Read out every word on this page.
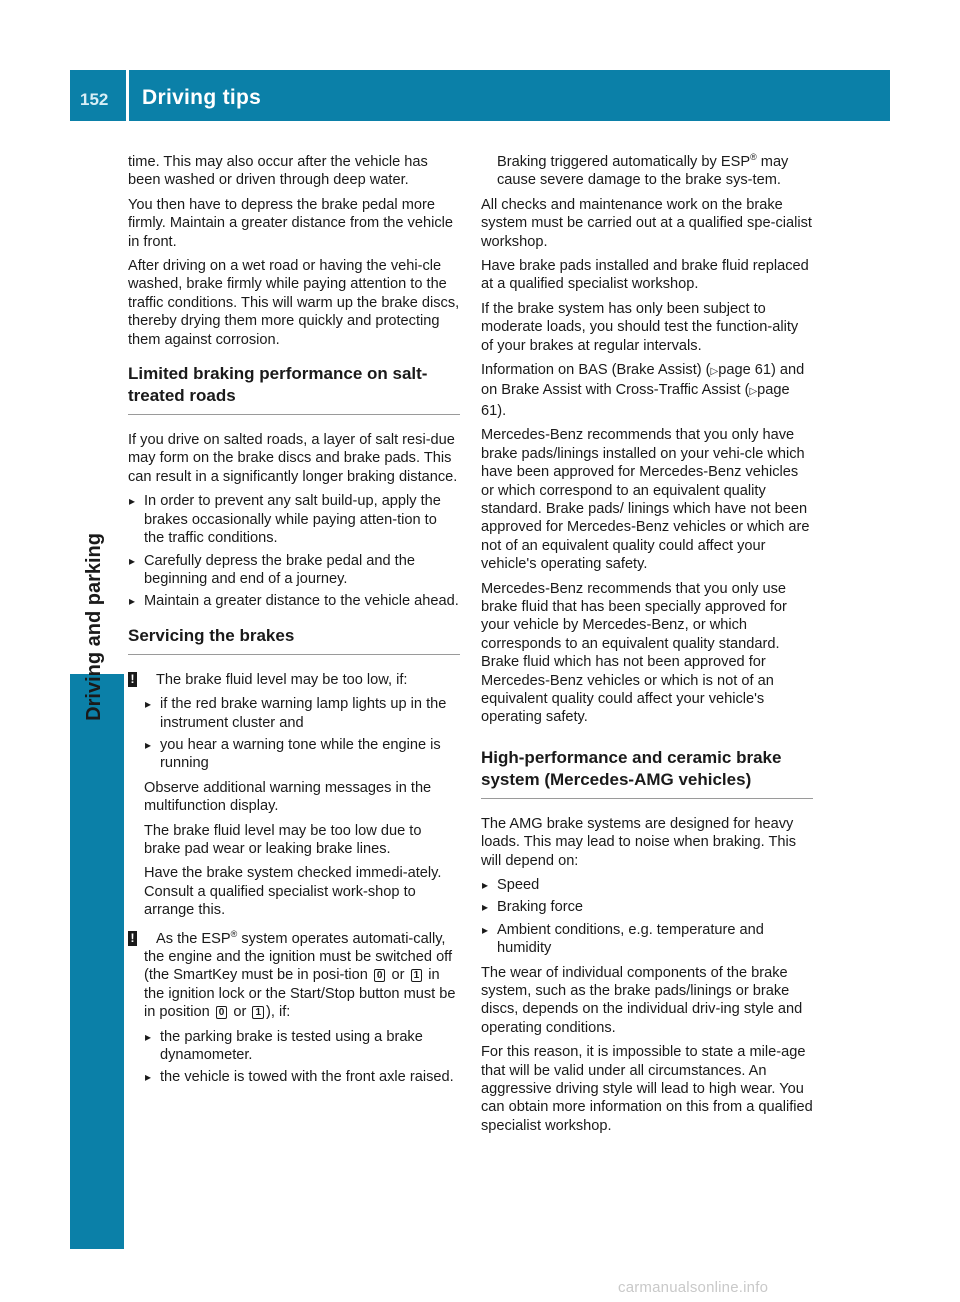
152	Driving tips
Driving and parking

time. This may also occur after the vehicle has been washed or driven through deep water.

You then have to depress the brake pedal more firmly. Maintain a greater distance from the vehicle in front.

After driving on a wet road or having the vehi-cle washed, brake firmly while paying attention to the traffic conditions. This will warm up the brake discs, thereby drying them more quickly and protecting them against corrosion.

Limited braking performance on salt-
treated roads

If you drive on salted roads, a layer of salt resi-due may form on the brake discs and brake pads. This can result in a significantly longer braking distance.

▸ In order to prevent any salt build-up, apply the brakes occasionally while paying atten-tion to the traffic conditions.
▸ Carefully depress the brake pedal and the beginning and end of a journey.
▸ Maintain a greater distance to the vehicle ahead.
Servicing the brakes
! The brake fluid level may be too low, if:

▸ if the red brake warning lamp lights up in the instrument cluster and
▸ you hear a warning tone while the engine is running

Observe additional warning messages in the multifunction display.

The brake fluid level may be too low due to brake pad wear or leaking brake lines.

Have the brake system checked immedi-ately. Consult a qualified specialist work-shop to arrange this.

!	As the ESP® system operates automati-cally, the engine and the ignition must be switched off (the SmartKey must be in posi-tion 0 or 1 in the ignition lock or the Start/Stop button must be in position 0 or 1 ), if:

▸ the parking brake is tested using a brake dynamometer.
▸ the vehicle is towed with the front axle raised.

Braking triggered automatically by ESP® may cause severe damage to the brake sys-tem.

All checks and maintenance work on the brake system must be carried out at a qualified spe-cialist workshop.

Have brake pads installed and brake fluid replaced at a qualified specialist workshop.

If the brake system has only been subject to moderate loads, you should test the function-ality of your brakes at regular intervals.

Information on BAS (Brake Assist) (▷page 61) and on Brake Assist with Cross-Traffic Assist (▷page 61).

Mercedes-Benz recommends that you only have brake pads/linings installed on your vehi-cle which have been approved for Mercedes-Benz vehicles or which correspond to an equivalent quality standard. Brake pads/ linings which have not been approved for Mercedes-Benz vehicles or which are not of an equivalent quality could affect your vehicle's operating safety.

Mercedes-Benz recommends that you only use brake fluid that has been specially approved for your vehicle by Mercedes-Benz, or which corresponds to an equivalent quality standard. Brake fluid which has not been approved for Mercedes-Benz vehicles or which is not of an equivalent quality could affect your vehicle's operating safety.

High-performance and ceramic brake
system (Mercedes-AMG vehicles)

The AMG brake systems are designed for heavy loads. This may lead to noise when braking. This will depend on:

▸ Speed
▸ Braking force
▸ Ambient conditions, e.g. temperature and humidity

The wear of individual components of the brake system, such as the brake pads/linings or brake discs, depends on the individual driv-ing style and operating conditions.

For this reason, it is impossible to state a mile-age that will be valid under all circumstances. An aggressive driving style will lead to high wear. You can obtain more information on this from a qualified specialist workshop.

carmanualsonline.info
